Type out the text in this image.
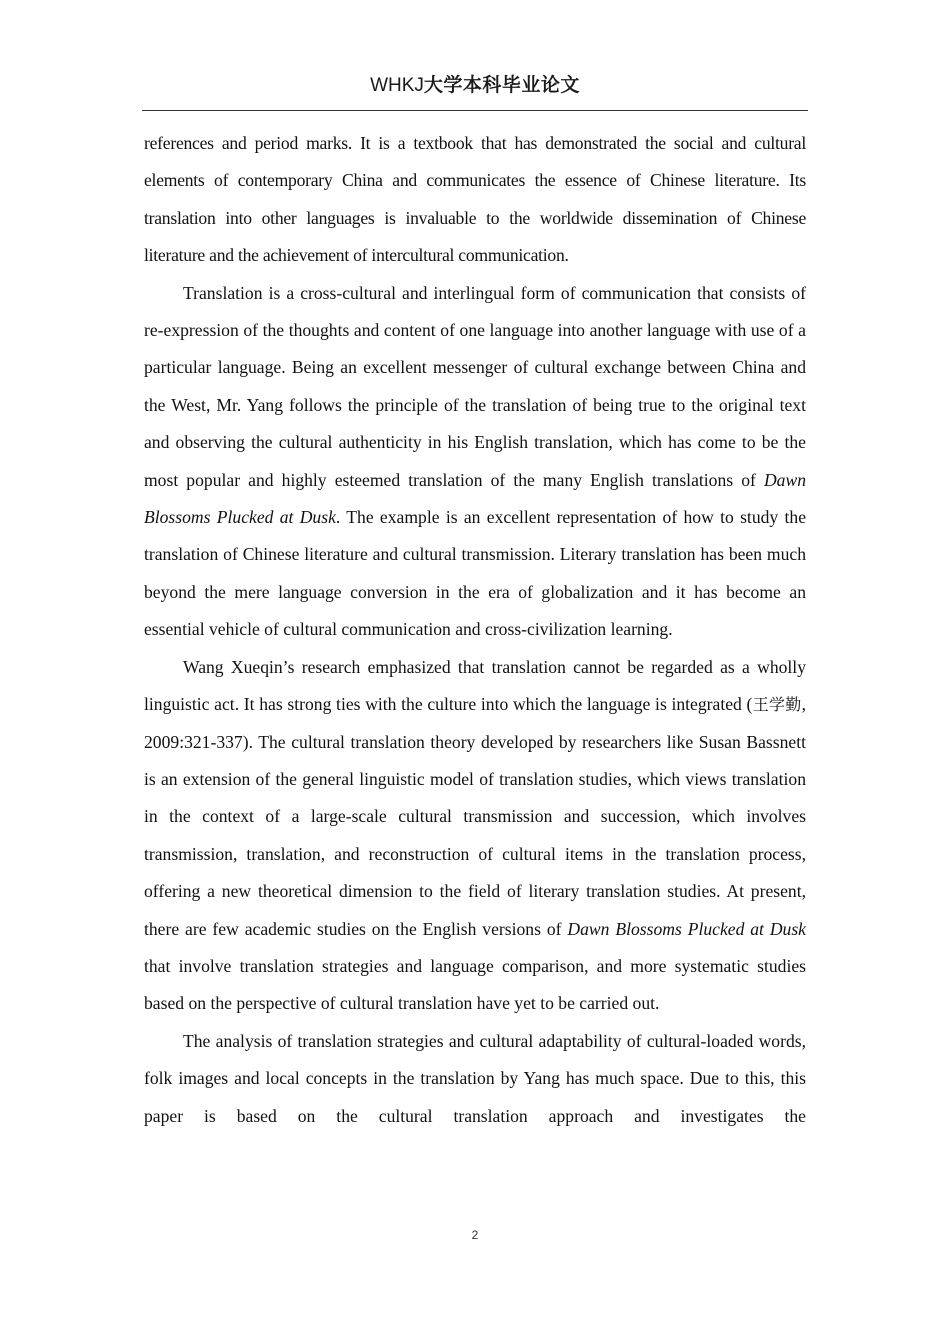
WHKJ大学本科毕业论文

references and period marks. It is a textbook that has demonstrated the social and cultural elements of contemporary China and communicates the essence of Chinese literature. Its translation into other languages is invaluable to the worldwide dissemination of Chinese literature and the achievement of intercultural communication.

Translation is a cross-cultural and interlingual form of communication that consists of re-expression of the thoughts and content of one language into another language with use of a particular language. Being an excellent messenger of cultural exchange between China and the West, Mr. Yang follows the principle of the translation of being true to the original text and observing the cultural authenticity in his English translation, which has come to be the most popular and highly esteemed translation of the many English translations of Dawn Blossoms Plucked at Dusk. The example is an excellent representation of how to study the translation of Chinese literature and cultural transmission. Literary translation has been much beyond the mere language conversion in the era of globalization and it has become an essential vehicle of cultural communication and cross-civilization learning.

Wang Xueqin’s research emphasized that translation cannot be regarded as a wholly linguistic act. It has strong ties with the culture into which the language is integrated (王学勤, 2009:321-337). The cultural translation theory developed by researchers like Susan Bassnett is an extension of the general linguistic model of translation studies, which views translation in the context of a large-scale cultural transmission and succession, which involves transmission, translation, and reconstruction of cultural items in the translation process, offering a new theoretical dimension to the field of literary translation studies. At present, there are few academic studies on the English versions of Dawn Blossoms Plucked at Dusk that involve translation strategies and language comparison, and more systematic studies based on the perspective of cultural translation have yet to be carried out.

The analysis of translation strategies and cultural adaptability of cultural-loaded words, folk images and local concepts in the translation by Yang has much space. Due to this, this paper is based on the cultural translation approach and investigates the

2
